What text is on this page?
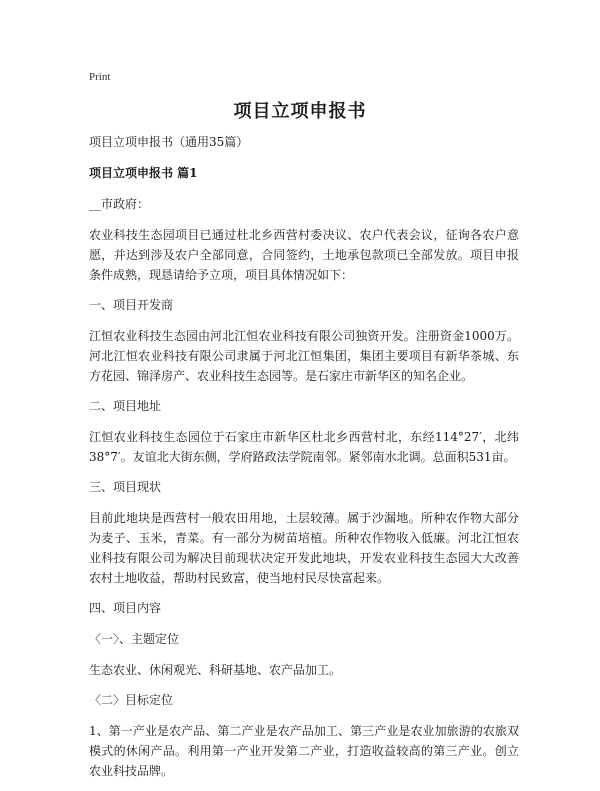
Print
项目立项申报书

项目立项申报书（通用35篇）

项目立项申报书 篇1

__市政府：

农业科技生态园项目已通过杜北乡西营村委决议、农户代表会议，征询各农户意愿，并达到涉及农户全部同意，合同签约，土地承包款项已全部发放。项目申报条件成熟，现恳请给予立项，项目具体情况如下：

一、项目开发商

江恒农业科技生态园由河北江恒农业科技有限公司独资开发。注册资金1000万。河北江恒农业科技有限公司隶属于河北江恒集团，集团主要项目有新华茶城、东方花园、锦泽房产、农业科技生态园等。是石家庄市新华区的知名企业。

二、项目地址

江恒农业科技生态园位于石家庄市新华区杜北乡西营村北，东经114°27′，北纬38°7′。友谊北大街东侧，学府路政法学院南邻。紧邻南水北调。总面积531亩。

三、项目现状

目前此地块是西营村一般农田用地，土层较薄。属于沙漏地。所种农作物大部分为麦子、玉米，青菜。有一部分为树苗培植。所种农作物收入低廉。河北江恒农业科技有限公司为解决目前现状决定开发此地块，开发农业科技生态园大大改善农村土地收益，帮助村民致富，使当地村民尽快富起来。

四、项目内容

〈一〉、主题定位

生态农业、休闲观光、科研基地、农产品加工。

〈二〉目标定位

1、第一产业是农产品、第二产业是农产品加工、第三产业是农业加旅游的农旅双模式的休闲产品。利用第一产业开发第二产业，打造收益较高的第三产业。创立农业科技品牌。
